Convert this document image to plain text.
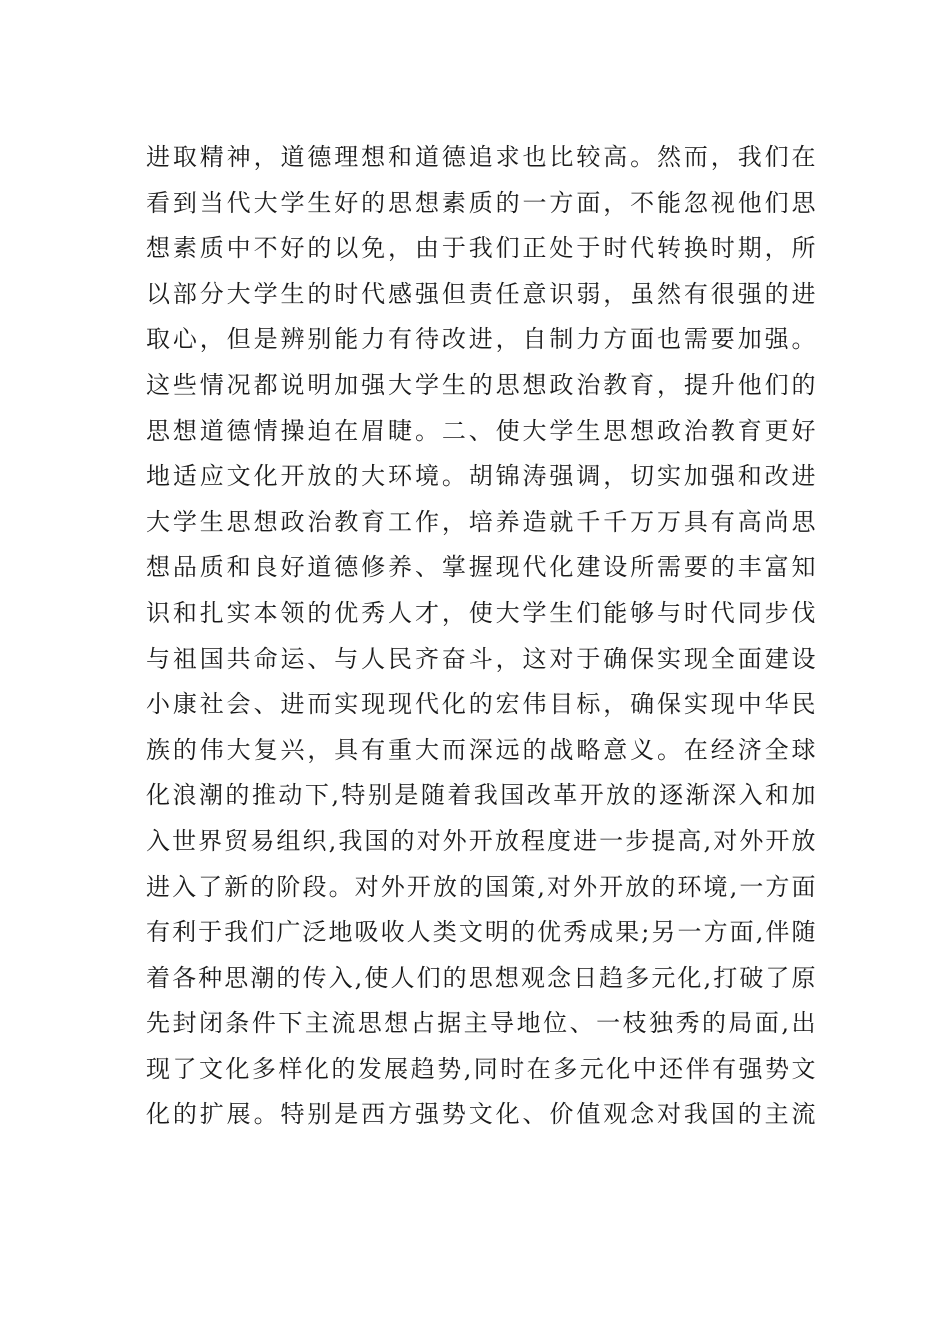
进取精神，道德理想和道德追求也比较高。然而，我们在
看到当代大学生好的思想素质的一方面，不能忽视他们思
想素质中不好的以免，由于我们正处于时代转换时期，所
以部分大学生的时代感强但责任意识弱，虽然有很强的进
取心，但是辨别能力有待改进，自制力方面也需要加强。
这些情况都说明加强大学生的思想政治教育，提升他们的
思想道德情操迫在眉睫。二、使大学生思想政治教育更好
地适应文化开放的大环境。胡锦涛强调，切实加强和改进
大学生思想政治教育工作，培养造就千千万万具有高尚思
想品质和良好道德修养、掌握现代化建设所需要的丰富知
识和扎实本领的优秀人才，使大学生们能够与时代同步伐
与祖国共命运、与人民齐奋斗，这对于确保实现全面建设
小康社会、进而实现现代化的宏伟目标，确保实现中华民
族的伟大复兴，具有重大而深远的战略意义。在经济全球
化浪潮的推动下,特别是随着我国改革开放的逐渐深入和加
入世界贸易组织,我国的对外开放程度进一步提高,对外开放
进入了新的阶段。对外开放的国策,对外开放的环境,一方面
有利于我们广泛地吸收人类文明的优秀成果;另一方面,伴随
着各种思潮的传入,使人们的思想观念日趋多元化,打破了原
先封闭条件下主流思想占据主导地位、一枝独秀的局面,出
现了文化多样化的发展趋势,同时在多元化中还伴有强势文
化的扩展。特别是西方强势文化、价值观念对我国的主流
